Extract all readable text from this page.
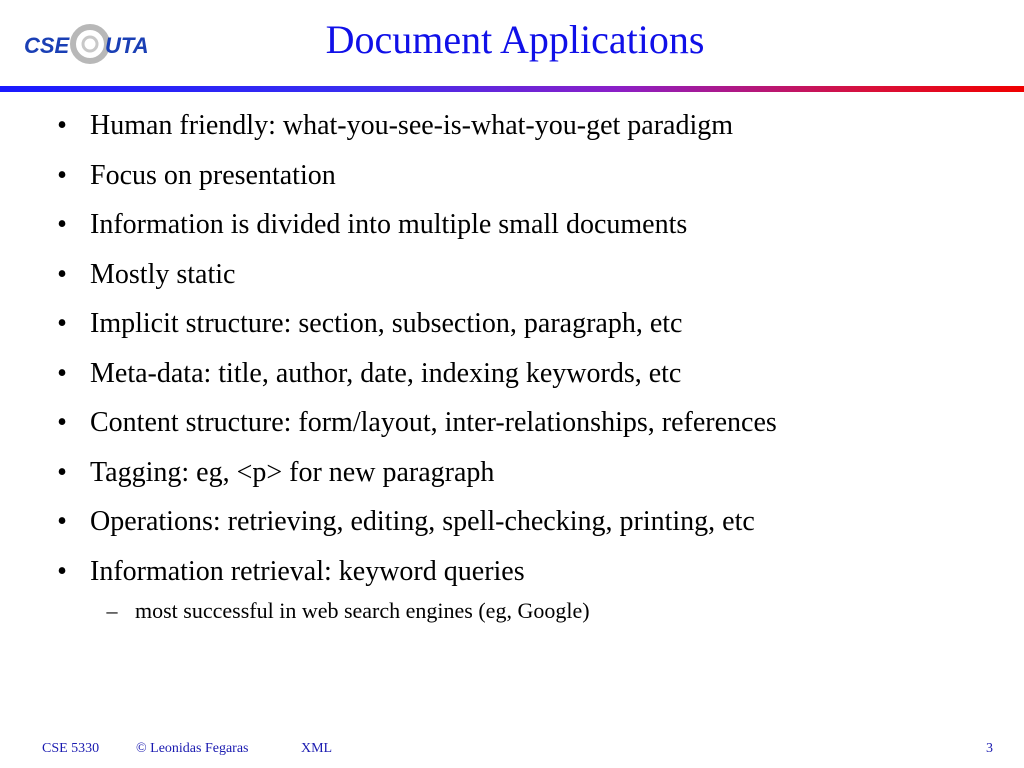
CSE UTA	Document Applications
• Human friendly: what-you-see-is-what-you-get paradigm
• Focus on presentation
• Information is divided into multiple small documents
• Mostly static
• Implicit structure: section, subsection, paragraph, etc
• Meta-data: title, author, date, indexing keywords, etc
• Content structure: form/layout, inter-relationships, references
• Tagging: eg, <p> for new paragraph
• Operations: retrieving, editing, spell-checking, printing, etc
• Information retrieval: keyword queries
– most successful in web search engines (eg, Google)
CSE 5330	© Leonidas Fegaras	XML	3
